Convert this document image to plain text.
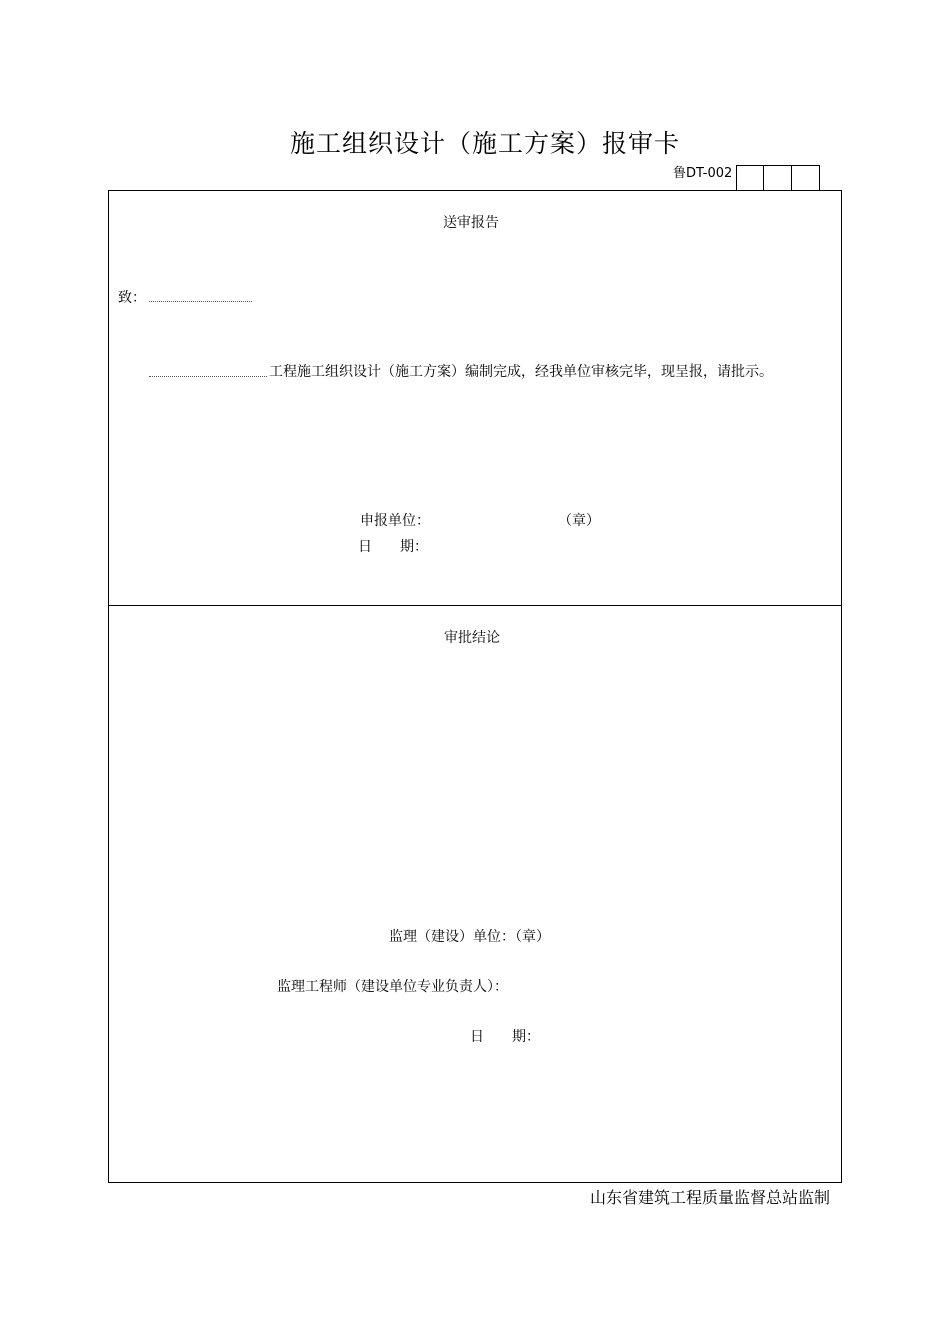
施工组织设计（施工方案）报审卡
鲁DT-002
送审报告
致：
工程施工组织设计（施工方案）编制完成，经我单位审核完毕，现呈报，请批示。
申报单位：	（章）
日　　期：
审批结论
监理（建设）单位：（章）
监理工程师（建设单位专业负责人）：
日　　期：
山东省建筑工程质量监督总站监制
